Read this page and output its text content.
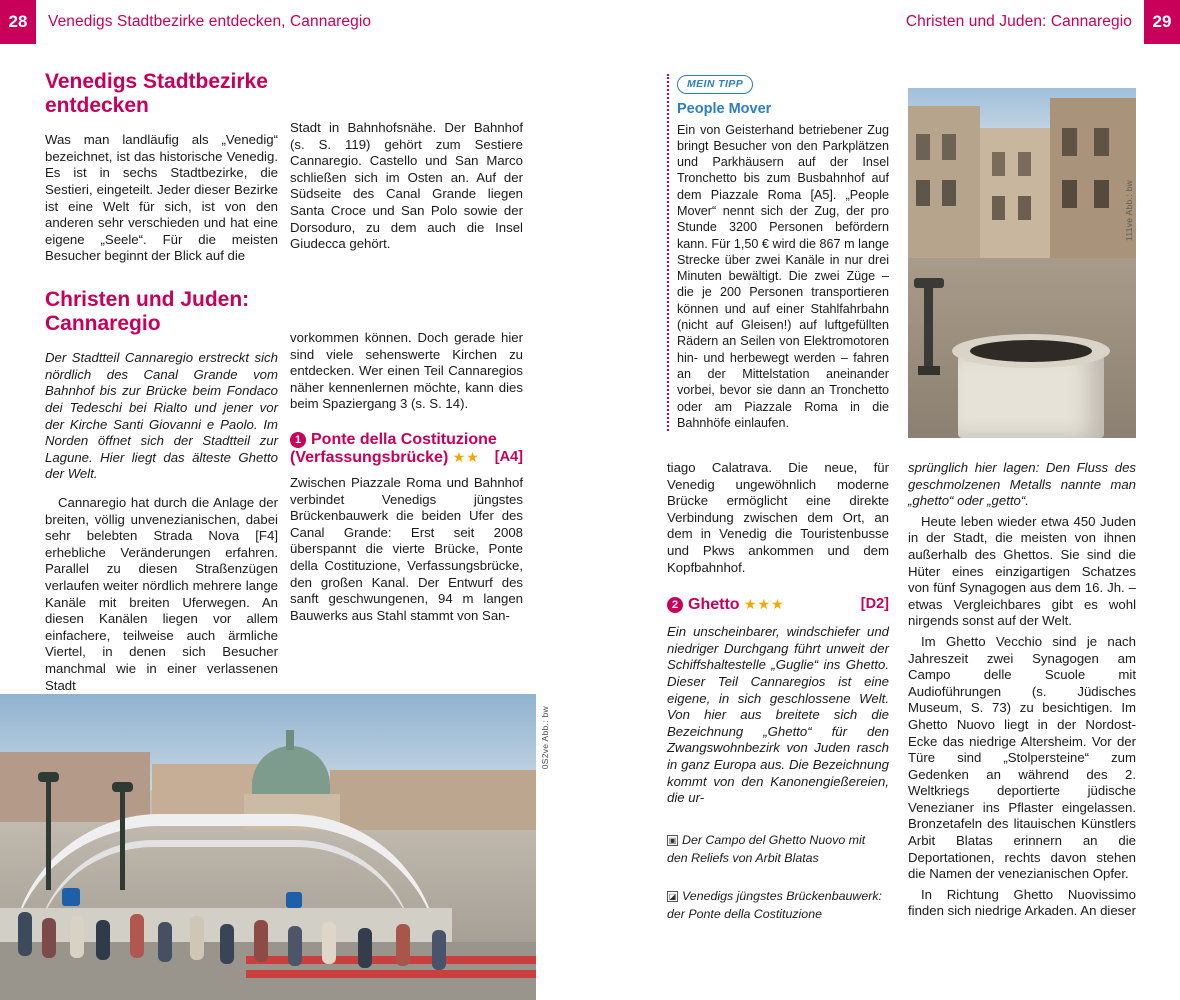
28	Venedigs Stadtbezirke entdecken, Cannaregio	Christen und Juden: Cannaregio	29
Venedigs Stadtbezirke entdecken

Was man landläufig als „Venedig“ bezeichnet, ist das historische Venedig. Es ist in sechs Stadtbezirke, die Sestieri, eingeteilt. Jeder dieser Bezirke ist eine Welt für sich, ist von den anderen sehr verschieden und hat eine eigene „Seele“. Für die meisten Besucher beginnt der Blick auf die

Stadt in Bahnhofsnähe. Der Bahnhof (s. S. 119) gehört zum Sestiere Cannaregio. Castello und San Marco schließen sich im Osten an. Auf der Südseite des Canal Grande liegen Santa Croce und San Polo sowie der Dorsoduro, zu dem auch die Insel Giudecca gehört.

Christen und Juden: Cannaregio

Der Stadtteil Cannaregio erstreckt sich nördlich des Canal Grande vom Bahnhof bis zur Brücke beim Fondaco dei Tedeschi bei Rialto und jener vor der Kirche Santi Giovanni e Paolo. Im Norden öffnet sich der Stadtteil zur Lagune. Hier liegt das älteste Ghetto der Welt.

Cannaregio hat durch die Anlage der breiten, völlig unvenezianischen, dabei sehr belebten Strada Nova [F4] erhebliche Veränderungen erfahren. Parallel zu diesen Straßenzügen verlaufen weiter nördlich mehrere lange Kanäle mit breiten Uferwegen. An diesen Kanälen liegen vor allem einfachere, teilweise auch ärmliche Viertel, in denen sich Besucher manchmal wie in einer verlassenen Stadt

vorkommen können. Doch gerade hier sind viele sehenswerte Kirchen zu entdecken. Wer einen Teil Cannaregios näher kennenlernen möchte, kann dies beim Spaziergang 3 (s. S. 14).

1 Ponte della Costituzione

[A4]
(Verfassungsbrücke) ★★

Zwischen Piazzale Roma und Bahnhof verbindet Venedigs jüngstes Brückenbauwerk die beiden Ufer des Canal Grande: Erst seit 2008 überspannt die vierte Brücke, Ponte della Costituzione, Verfassungsbrücke, den großen Kanal. Der Entwurf des sanft geschwungenen, 94 m langen Bauwerks aus Stahl stammt von San-

MEIN TIPP
People Mover
Ein von Geisterhand betriebener Zug bringt Besucher von den Parkplätzen und Parkhäusern auf der Insel Tronchetto bis zum Busbahnhof auf dem Piazzale Roma [A5]. „People Mover“ nennt sich der Zug, der pro Stunde 3200 Personen befördern kann. Für 1,50 € wird die 867 m lange Strecke über zwei Kanäle in nur drei Minuten bewältigt. Die zwei Züge – die je 200 Personen transportieren können und auf einer Stahlfahrbahn (nicht auf Gleisen!) auf luftgefüllten Rädern an Seilen von Elektromotoren hin- und herbewegt werden – fahren an der Mittelstation aneinander vorbei, bevor sie dann an Tronchetto oder am Piazzale Roma in die Bahnhöfe einlaufen.

tiago Calatrava. Die neue, für Venedig ungewöhnlich moderne Brücke ermöglicht eine direkte Verbindung zwischen dem Ort, an dem in Venedig die Touristenbusse und Pkws ankommen und dem Kopfbahnhof.

[D2]
2 Ghetto ★★★

Ein unscheinbarer, windschiefer und niedriger Durchgang führt unweit der Schiffshaltestelle „Guglie“ ins Ghetto. Dieser Teil Cannaregios ist eine eigene, in sich geschlossene Welt. Von hier aus breitete sich die Bezeichnung „Ghetto“ für den Zwangswohnbezirk von Juden rasch in ganz Europa aus. Die Bezeichnung kommt von den Kanonengießereien, die ur-

▣ Der Campo del Ghetto Nuovo mit den Reliefs von Arbit Blatas
◪ Venedigs jüngstes Brückenbauwerk: der Ponte della Costituzione

sprünglich hier lagen: Den Fluss des geschmolzenen Metalls nannte man „ghetto“ oder „getto“.

Heute leben wieder etwa 450 Juden in der Stadt, die meisten von ihnen außerhalb des Ghettos. Sie sind die Hüter eines einzigartigen Schatzes von fünf Synagogen aus dem 16. Jh. – etwas Vergleichbares gibt es wohl nirgends sonst auf der Welt.

Im Ghetto Vecchio sind je nach Jahreszeit zwei Synagogen am Campo delle Scuole mit Audioführungen (s. Jüdisches Museum, S. 73) zu besichtigen. Im Ghetto Nuovo liegt in der Nordost-Ecke das niedrige Altersheim. Vor der Türe sind „Stolpersteine“ zum Gedenken an während des 2. Weltkriegs deportierte jüdische Venezianer ins Pflaster eingelassen. Bronzetafeln des litauischen Künstlers Arbit Blatas erinnern an die Deportationen, rechts davon stehen die Namen der venezianischen Opfer.

In Richtung Ghetto Nuovissimo finden sich niedrige Arkaden. An dieser

111ve Abb.: bw
0S2ve Abb.: bw
